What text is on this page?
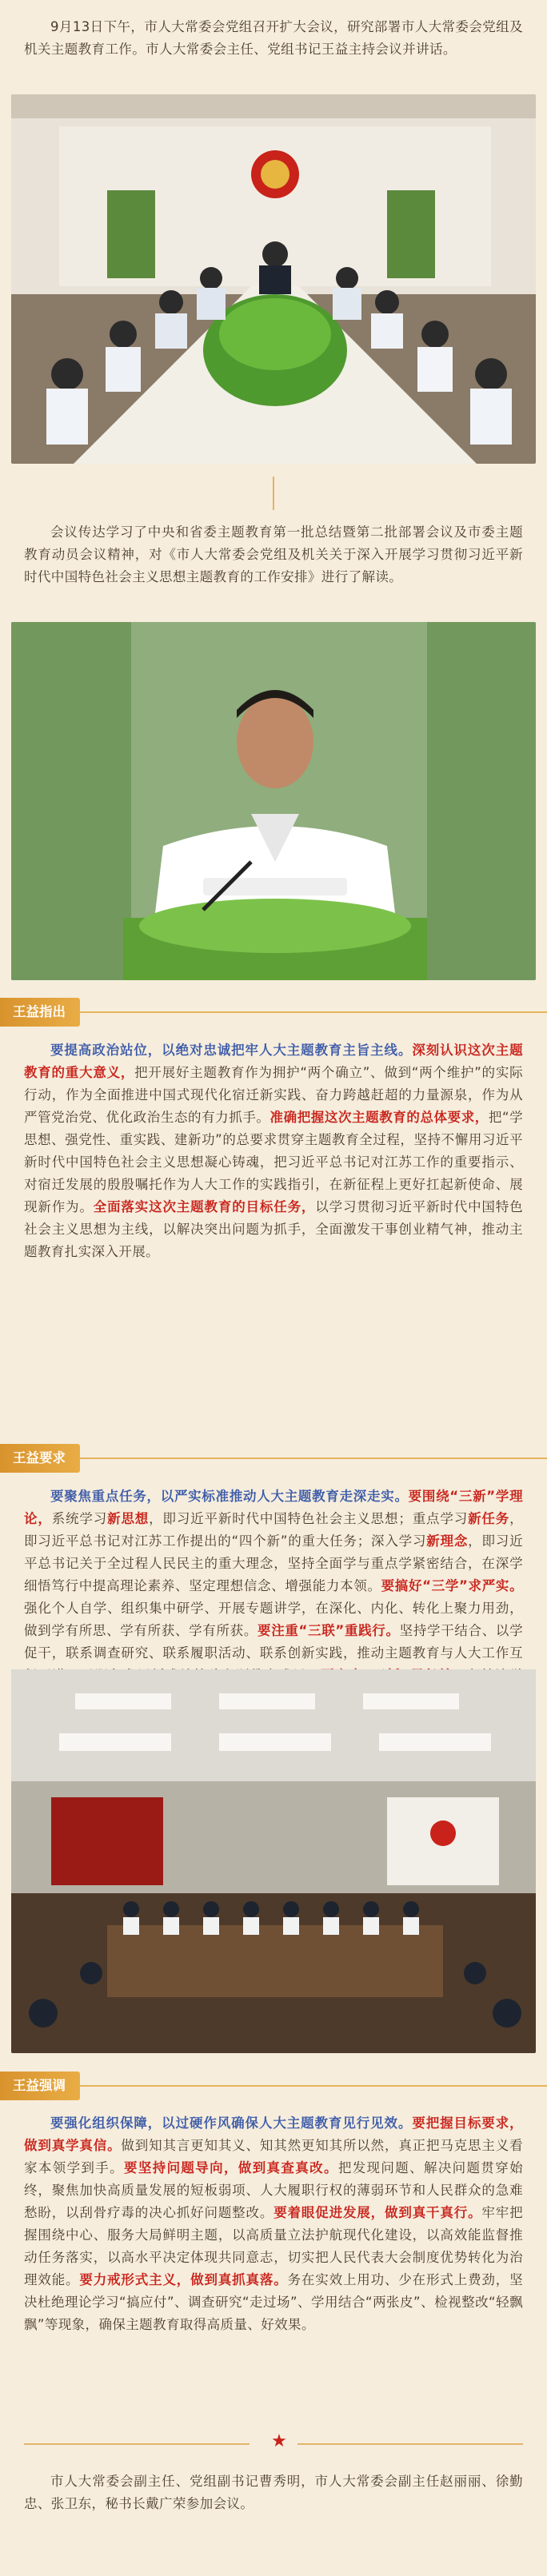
9月13日下午，市人大常委会党组召开扩大会议，研究部署市人大常委会党组及机关主题教育工作。市人大常委会主任、党组书记王益主持会议并讲话。
会议传达学习了中央和省委主题教育第一批总结暨第二批部署会议及市委主题教育动员会议精神，对《市人大常委会党组及机关关于深入开展学习贯彻习近平新时代中国特色社会主义思想主题教育的工作安排》进行了解读。
王益指出
要提高政治站位，以绝对忠诚把牢人大主题教育主旨主线。深刻认识这次主题教育的重大意义，把开展好主题教育作为拥护“两个确立”、做到“两个维护”的实际行动，作为全面推进中国式现代化宿迁新实践、奋力跨越赶超的力量源泉，作为从严管党治党、优化政治生态的有力抓手。准确把握这次主题教育的总体要求，把“学思想、强党性、重实践、建新功”的总要求贯穿主题教育全过程，坚持不懈用习近平新时代中国特色社会主义思想凝心铸魂，把习近平总书记对江苏工作的重要指示、对宿迁发展的殷殷嘱托作为人大工作的实践指引，在新征程上更好扛起新使命、展现新作为。全面落实这次主题教育的目标任务，以学习贯彻习近平新时代中国特色社会主义思想为主线，以解决突出问题为抓手，全面激发干事创业精气神，推动主题教育扎实深入开展。
王益要求
要聚焦重点任务，以严实标准推动人大主题教育走深走实。要围绕“三新”学理论，系统学习新思想，即习近平新时代中国特色社会主义思想；重点学习新任务，即习近平总书记对江苏工作提出的“四个新”的重大任务；深入学习新理念，即习近平总书记关于全过程人民民主的重大理念，坚持全面学与重点学紧密结合，在深学细悟笃行中提高理论素养、坚定理想信念、增强能力本领。要搞好“三学”求严实。强化个人自学、组织集中研学、开展专题讲学，在深化、内化、转化上聚力用劲，做到学有所思、学有所获、学有所获。要注重“三联”重践行。坚持学干结合、以学促干，联系调查研究、联系履职活动、联系创新实践，推动主题教育与人大工作互
王益强调
要强化组织保障，以过硬作风确保人大主题教育见行见效。要把握目标要求，做到真学真信。做到知其言更知其义、知其然更知其所以然，真正把马克思主义看家本领学到手。要坚持问题导向，做到真查真改。把发现问题、解决问题贯穿始终，聚焦加快高质量发展的短板弱项、人大履职行权的薄弱环节和人民群众的急难愁盼，以刮骨疗毒的决心抓好问题整改。要着眼促进发展，做到真干真行。牢牢把握围绕中心、服务大局鲜明主题，以高质量立法护航现代化建设，以高效能监督推动任务落实，以高水平决定体现共同意志，切实把人民代表大会制度优势转化为治理效能。要力戒形式主义，做到真抓真落。务在实效上用功、少在形式上费劲，坚决杜绝理论学习“搞应付”、调查研究“走过场”、学用结合“两张皮”、检视整改“轻飘飘”等现象，确保主题教育取得高质量、好效果。
★
市人大常委会副主任、党组副书记曹秀明，市人大常委会副主任赵丽丽、徐勤忠、张卫东，秘书长戴广荣参加会议。
